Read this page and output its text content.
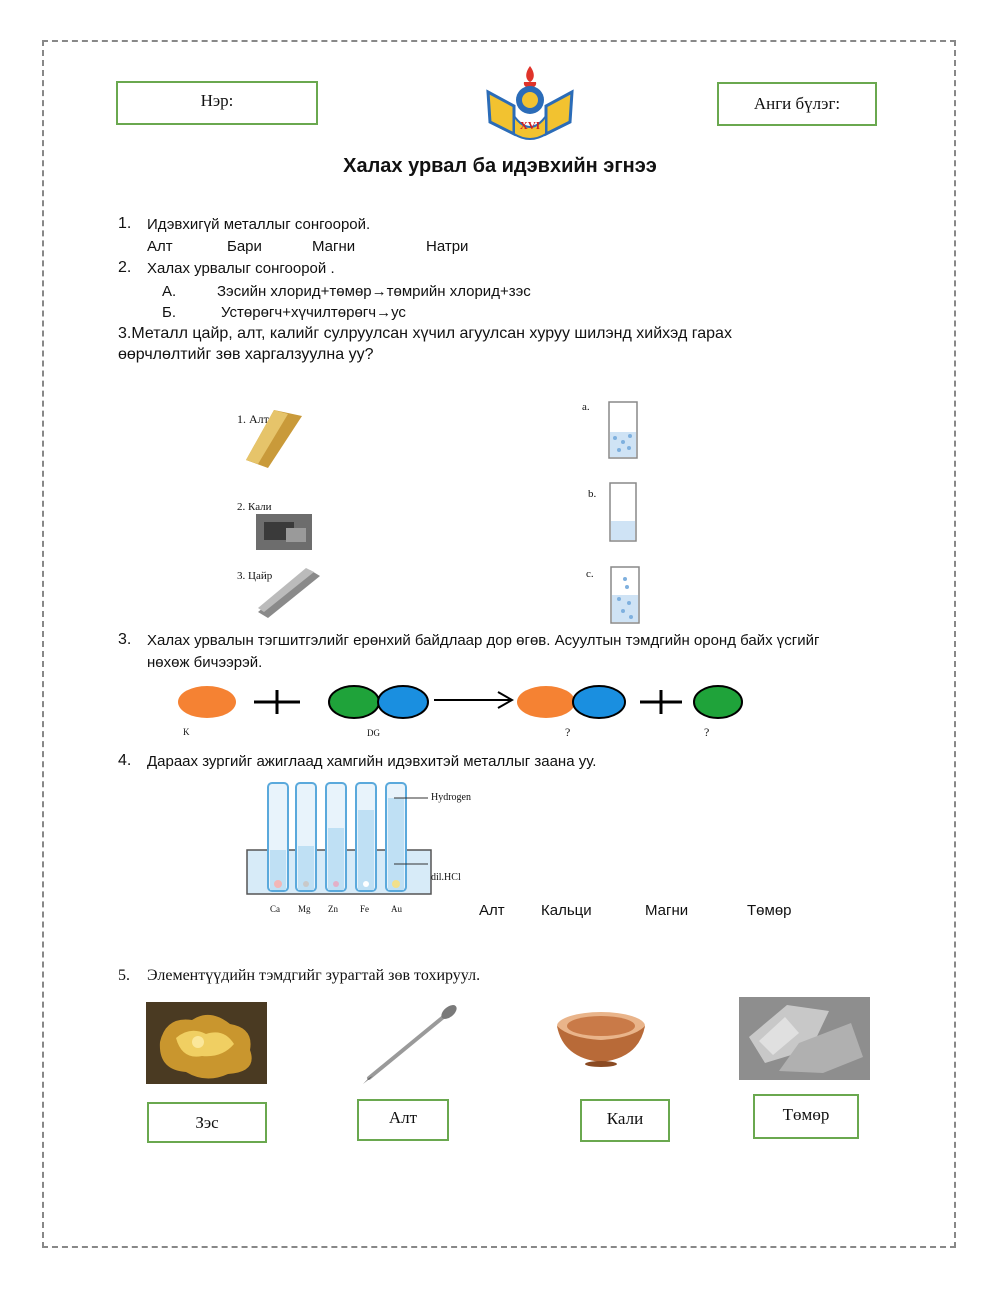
Нэр:	Анги бүлэг:
XVI
Халах урвал ба идэвхийн эгнээ
1. Идэвхигүй металлыг сонгоорой.
Алт	Бари	Магни	Натри
2. Халах урвалыг сонгоорой .
А.	Зэсийн хлорид+төмөр→төмрийн хлорид+зэс
Б.	Устөрөгч+хүчилтөрөгч→ус
3.Металл цайр, алт, калийг сулруулсан хүчил агуулсан хуруу шилэнд хийхэд гарах
өөрчлөлтийг зөв харгалзуулна уу?
1. Алт
2. Кали
3. Цайр
a.
b.
c.
3. Халах урвалын тэгшитгэлийг ерөнхий байдлаар дор өгөв. Асуултын тэмдгийн оронд байх үсгийг
нөхөж бичээрэй.
K	DG	?	?
4. Дараах зургийг ажиглаад хамгийн идэвхитэй металлыг заана уу.
Hydrogen
dil.HCl
Ca Mg Zn Fe Au	Алт Кальци	Магни	Төмөр
5. Элементүүдийн тэмдгийг зурагтай зөв тохируул.
Зэс	Алт	Кали	Төмөр
